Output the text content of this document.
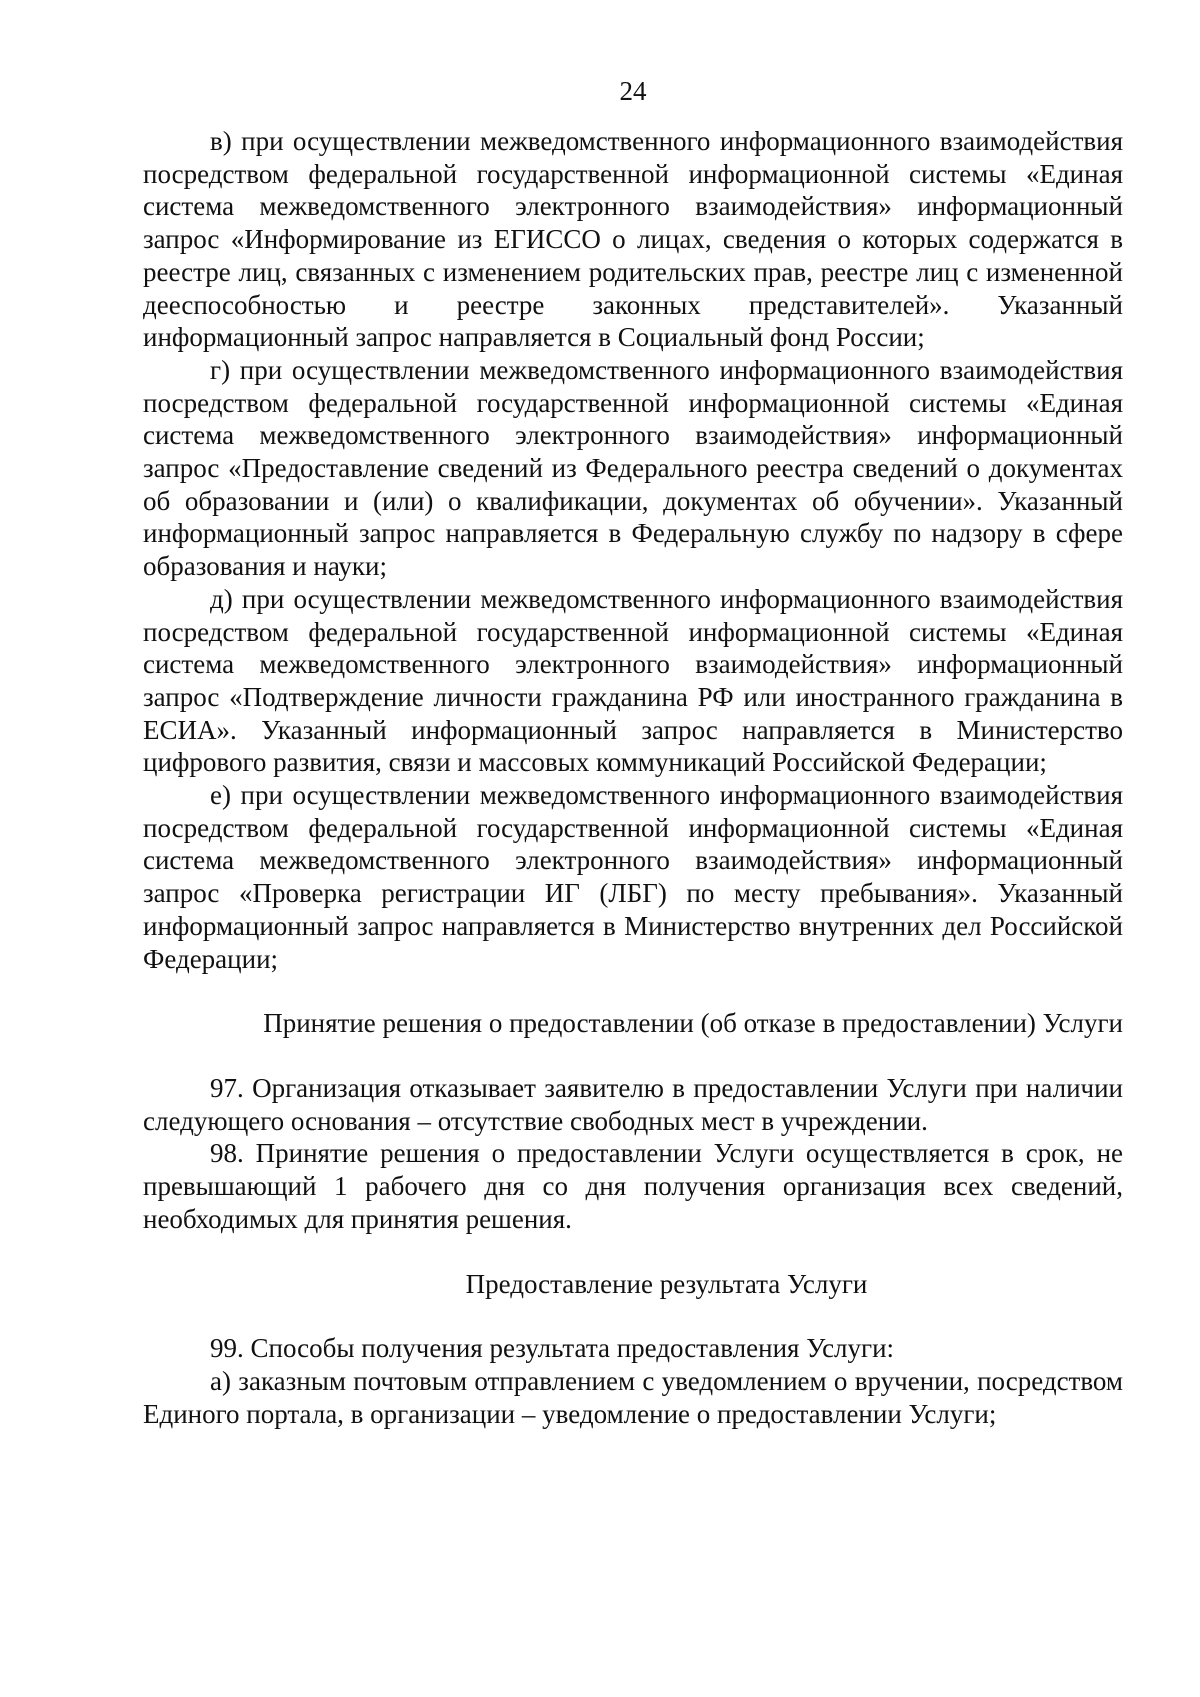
24

в) при осуществлении межведомственного информационного взаимодействия посредством федеральной государственной информационной системы «Единая система межведомственного электронного взаимодействия» информационный запрос «Информирование из ЕГИССО о лицах, сведения о которых содержатся в реестре лиц, связанных с изменением родительских прав, реестре лиц с измененной дееспособностью и реестре законных представителей». Указанный информационный запрос направляется в Социальный фонд России;

г) при осуществлении межведомственного информационного взаимодействия посредством федеральной государственной информационной системы «Единая система межведомственного электронного взаимодействия» информационный запрос «Предоставление сведений из Федерального реестра сведений о документах об образовании и (или) о квалификации, документах об обучении». Указанный информационный запрос направляется в Федеральную службу по надзору в сфере образования и науки;

д) при осуществлении межведомственного информационного взаимодействия посредством федеральной государственной информационной системы «Единая система межведомственного электронного взаимодействия» информационный запрос «Подтверждение личности гражданина РФ или иностранного гражданина в ЕСИА». Указанный информационный запрос направляется в Министерство цифрового развития, связи и массовых коммуникаций Российской Федерации;

е) при осуществлении межведомственного информационного взаимодействия посредством федеральной государственной информационной системы «Единая система межведомственного электронного взаимодействия» информационный запрос «Проверка регистрации ИГ (ЛБГ) по месту пребывания». Указанный информационный запрос направляется в Министерство внутренних дел Российской Федерации;

Принятие решения о предоставлении (об отказе в предоставлении) Услуги

97. Организация отказывает заявителю в предоставлении Услуги при наличии следующего основания – отсутствие свободных мест в учреждении.

98. Принятие решения о предоставлении Услуги осуществляется в срок, не превышающий 1 рабочего дня со дня получения организация всех сведений, необходимых для принятия решения.

Предоставление результата Услуги

99. Способы получения результата предоставления Услуги:

а) заказным почтовым отправлением с уведомлением о вручении, посредством Единого портала, в организации – уведомление о предоставлении Услуги;
